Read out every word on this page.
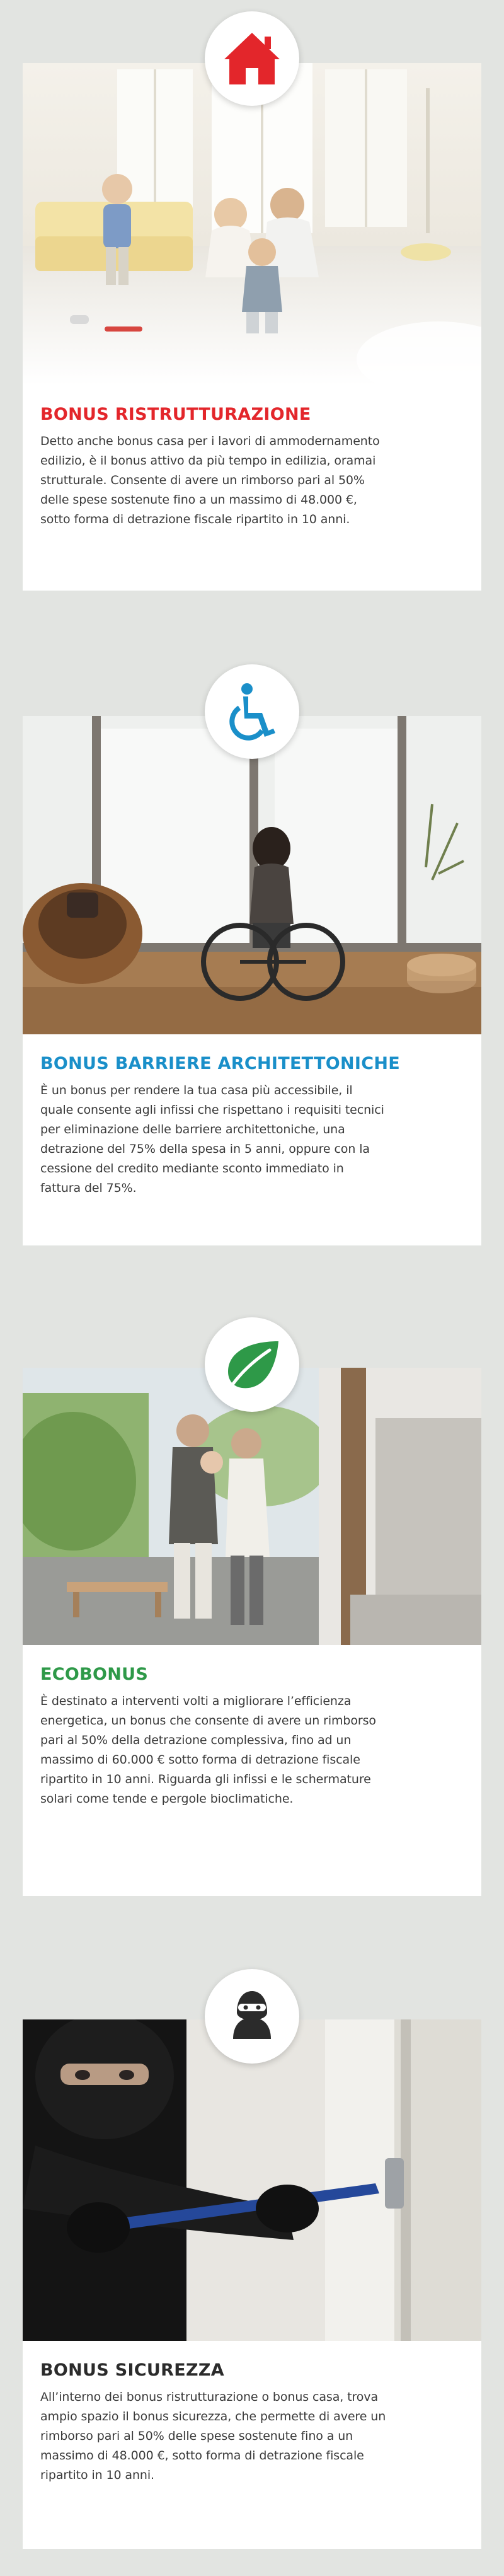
BONUS RISTRUTTURAZIONE
Detto anche bonus casa per i lavori di ammodernamento
edilizio, è il bonus attivo da più tempo in edilizia, oramai
strutturale. Consente di avere un rimborso pari al 50%
delle spese sostenute fino a un massimo di 48.000 €,
sotto forma di detrazione fiscale ripartito in 10 anni.
BONUS BARRIERE ARCHITETTONICHE
È un bonus per rendere la tua casa più accessibile, il
quale consente agli infissi che rispettano i requisiti tecnici
per eliminazione delle barriere architettoniche, una
detrazione del 75% della spesa in 5 anni, oppure con la
cessione del credito mediante sconto immediato in
fattura del 75%.
ECOBONUS
È destinato a interventi volti a migliorare l’efficienza
energetica, un bonus che consente di avere un rimborso
pari al 50% della detrazione complessiva, fino ad un
massimo di 60.000 € sotto forma di detrazione fiscale
ripartito in 10 anni. Riguarda gli infissi e le schermature
solari come tende e pergole bioclimatiche.
BONUS SICUREZZA
All’interno dei bonus ristrutturazione o bonus casa, trova
ampio spazio il bonus sicurezza, che permette di avere un
rimborso pari al 50% delle spese sostenute fino a un
massimo di 48.000 €, sotto forma di detrazione fiscale
ripartito in 10 anni.
